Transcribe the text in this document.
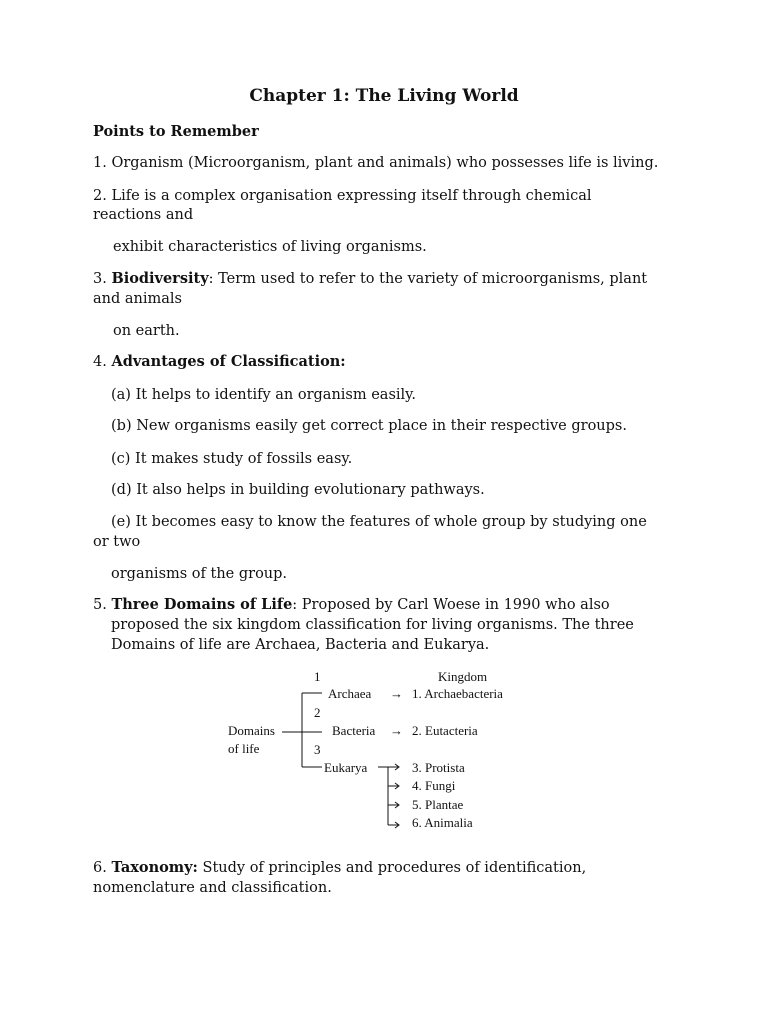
Chapter 1: The Living World
Points to Remember
1. Organism (Microorganism, plant and animals) who possesses life is living.
2. Life is a complex organisation expressing itself through chemical
reactions and
exhibit characteristics of living organisms.
3. Biodiversity: Term used to refer to the variety of microorganisms, plant
and animals
on earth.
4. Advantages of Classification:
(a) It helps to identify an organism easily.
(b) New organisms easily get correct place in their respective groups.
(c) It makes study of fossils easy.
(d) It also helps in building evolutionary pathways.
(e) It becomes easy to know the features of whole group by studying one
or two
organisms of the group.
5. Three Domains of Life: Proposed by Carl Woese in 1990 who also
proposed the six kingdom classification for living organisms. The three
Domains of life are Archaea, Bacteria and Eukarya.
Kingdom
1
2
3
Domains
of life
Archaea
Bacteria
Eukarya
→
→
1. Archaebacteria
2. Eutacteria
3. Protista
4. Fungi
5. Plantae
6. Animalia
6. Taxonomy: Study of principles and procedures of identification,
nomenclature and classification.
